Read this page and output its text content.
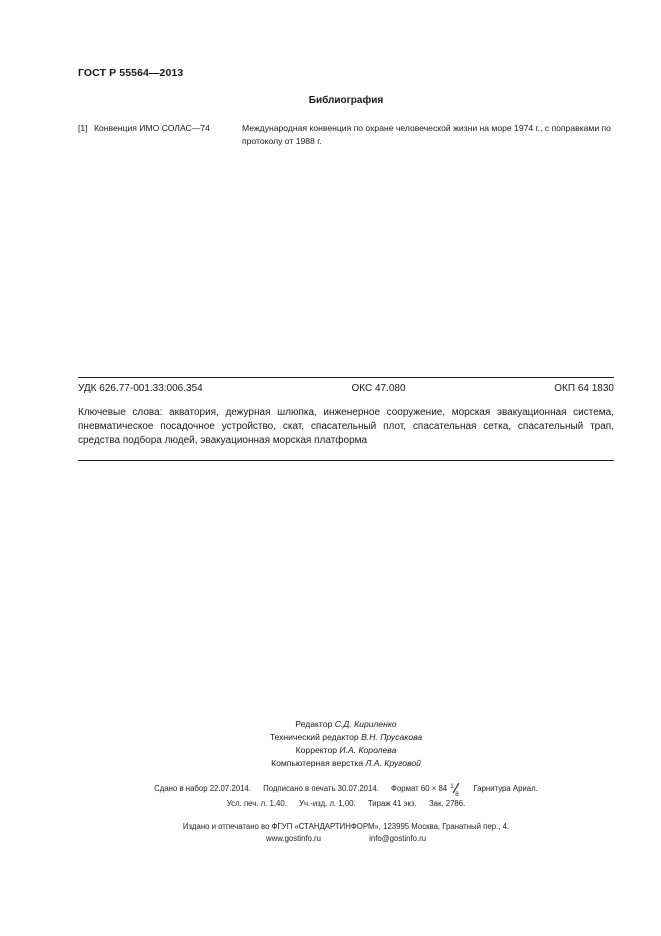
ГОСТ Р 55564—2013
Библиография
[1] Конвенция ИМО СОЛАС—74	Международная конвенция по охране человеческой жизни на море 1974 г., с поправками по протоколу от 1988 г.
УДК 626.77-001.33:006.354	ОКС 47.080	ОКП 64 1830
Ключевые слова: акватория, дежурная шлюпка, инженерное сооружение, морская эвакуационная система, пневматическое посадочное устройство, скат, спасательный плот, спасательная сетка, спасательный трап, средства подбора людей, эвакуационная морская платформа
Редактор С.Д. Кириленко
Технический редактор В.Н. Прусакова
Корректор И.А. Королева
Компьютерная верстка Л.А. Круговой
Сдано в набор 22.07.2014. Подписано в печать 30.07.2014. Формат 60 × 84 1
8
Гарнитура Ариал.
Усл. печ. л. 1,40. Уч.-изд. л. 1,00. Тираж 41 экз. Зак. 2786.
Издано и отпечатано во ФГУП «СТАНДАРТИНФОРМ», 123995 Москва, Гранатный пер., 4.
www.gostinfo.ru	info@gostinfo.ru
